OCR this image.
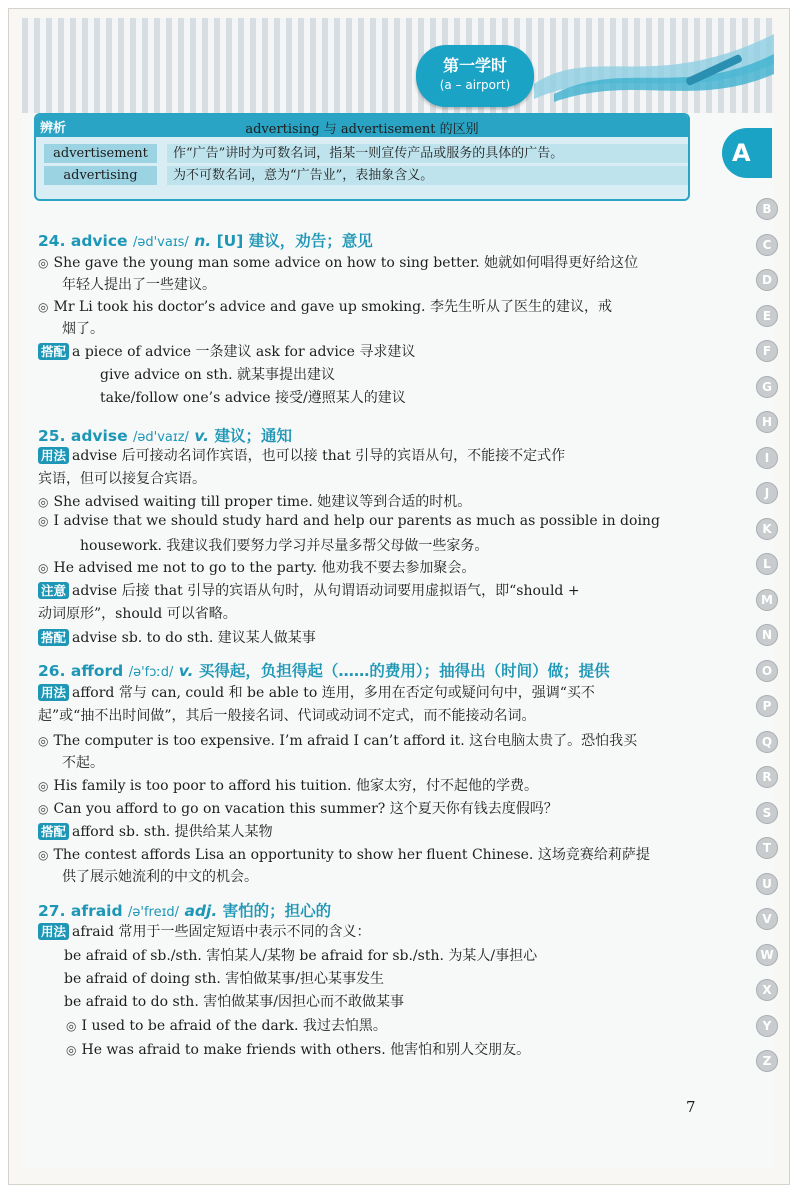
第一学时
(a – airport)
辨析	advertising 与 advertisement 的区别
advertisement	作“广告”讲时为可数名词，指某一则宣传产品或服务的具体的广告。
advertising	为不可数名词，意为“广告业”，表抽象含义。
24. advice /əd'vaɪs/ n. [U] 建议，劝告；意见
◎ She gave the young man some advice on how to sing better. 她就如何唱得更好给这位
年轻人提出了一些建议。
◎ Mr Li took his doctor’s advice and gave up smoking. 李先生听从了医生的建议，戒
烟了。
搭配 a piece of advice 一条建议 ask for advice 寻求建议
give advice on sth. 就某事提出建议
take/follow one’s advice 接受/遵照某人的建议
25. advise /əd'vaɪz/ v. 建议；通知
用法 advise 后可接动名词作宾语，也可以接 that 引导的宾语从句，不能接不定式作
宾语，但可以接复合宾语。
◎ She advised waiting till proper time. 她建议等到合适的时机。
◎ I advise that we should study hard and help our parents as much as possible in doing
housework. 我建议我们要努力学习并尽量多帮父母做一些家务。
◎ He advised me not to go to the party. 他劝我不要去参加聚会。
注意 advise 后接 that 引导的宾语从句时，从句谓语动词要用虚拟语气，即“should +
动词原形”，should 可以省略。
搭配 advise sb. to do sth. 建议某人做某事
26. afford /ə'fɔːd/ v. 买得起，负担得起（……的费用）；抽得出（时间）做；提供
用法 afford 常与 can, could 和 be able to 连用，多用在否定句或疑问句中，强调“买不
起”或“抽不出时间做”，其后一般接名词、代词或动词不定式，而不能接动名词。
◎ The computer is too expensive. I’m afraid I can’t afford it. 这台电脑太贵了。恐怕我买
不起。
◎ His family is too poor to afford his tuition. 他家太穷，付不起他的学费。
◎ Can you afford to go on vacation this summer? 这个夏天你有钱去度假吗？
搭配 afford sb. sth. 提供给某人某物
◎ The contest affords Lisa an opportunity to show her fluent Chinese. 这场竞赛给莉萨提
供了展示她流利的中文的机会。
27. afraid /ə'freɪd/ adj. 害怕的；担心的
用法 afraid 常用于一些固定短语中表示不同的含义：
be afraid of sb./sth. 害怕某人/某物 be afraid for sb./sth. 为某人/事担心
be afraid of doing sth. 害怕做某事/担心某事发生
be afraid to do sth. 害怕做某事/因担心而不敢做某事
◎ I used to be afraid of the dark. 我过去怕黑。
◎ He was afraid to make friends with others. 他害怕和别人交朋友。
A
B
C
D
E
F
G
H
I
J
K
L
M
N
O
P
Q
R
S
T
U
V
W
X
Y
Z
7
